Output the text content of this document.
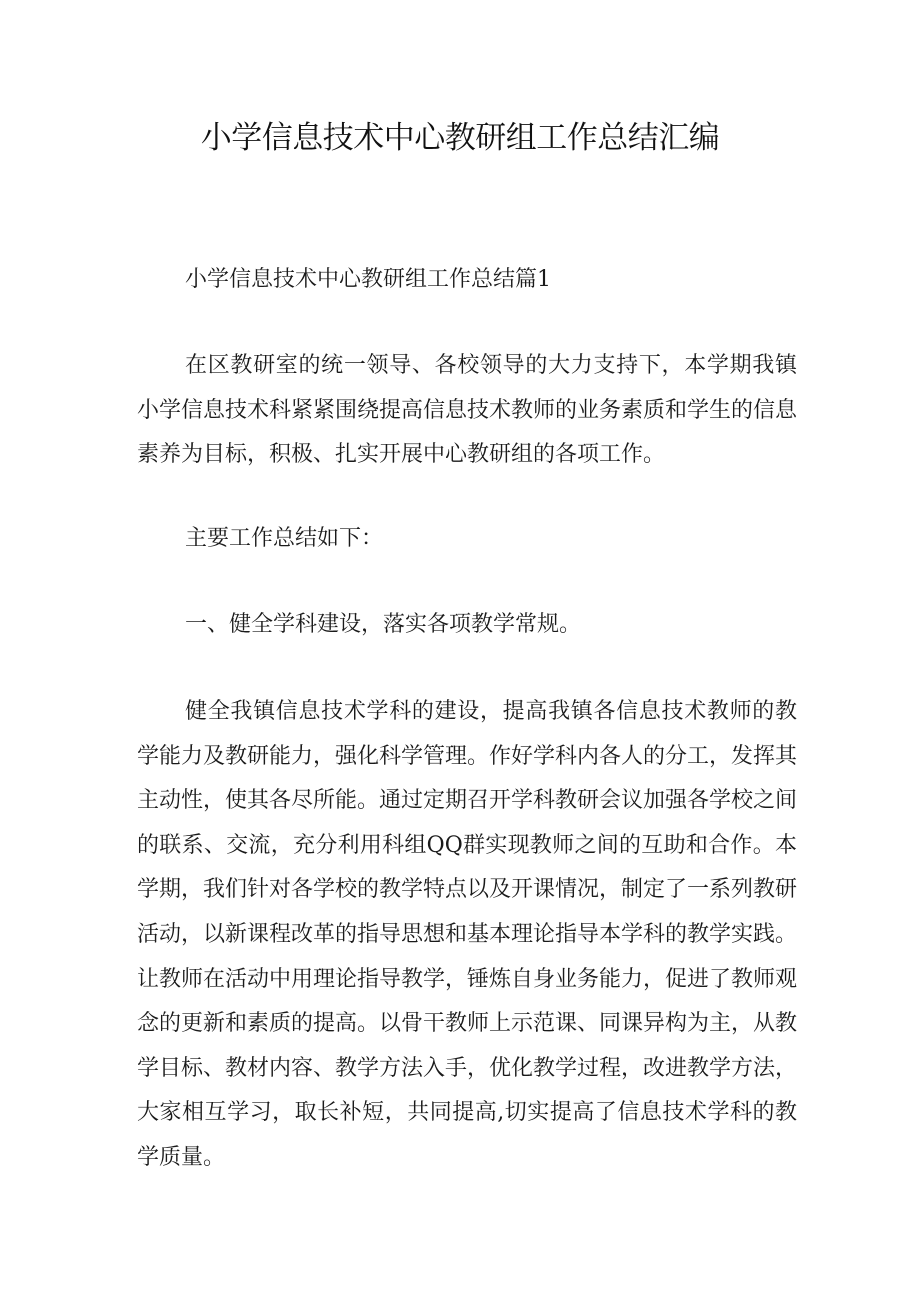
小学信息技术中心教研组工作总结汇编

小学信息技术中心教研组工作总结篇1

在区教研室的统一领导、各校领导的大力支持下，本学期我镇小学信息技术科紧紧围绕提高信息技术教师的业务素质和学生的信息素养为目标，积极、扎实开展中心教研组的各项工作。

主要工作总结如下：

一、健全学科建设，落实各项教学常规。

健全我镇信息技术学科的建设，提高我镇各信息技术教师的教学能力及教研能力，强化科学管理。作好学科内各人的分工，发挥其主动性，使其各尽所能。通过定期召开学科教研会议加强各学校之间的联系、交流，充分利用科组QQ群实现教师之间的互助和合作。本学期，我们针对各学校的教学特点以及开课情况，制定了一系列教研活动，以新课程改革的指导思想和基本理论指导本学科的教学实践。让教师在活动中用理论指导教学，锤炼自身业务能力，促进了教师观念的更新和素质的提高。以骨干教师上示范课、同课异构为主，从教学目标、教材内容、教学方法入手，优化教学过程，改进教学方法，大家相互学习，取长补短，共同提高,切实提高了信息技术学科的教学质量。
